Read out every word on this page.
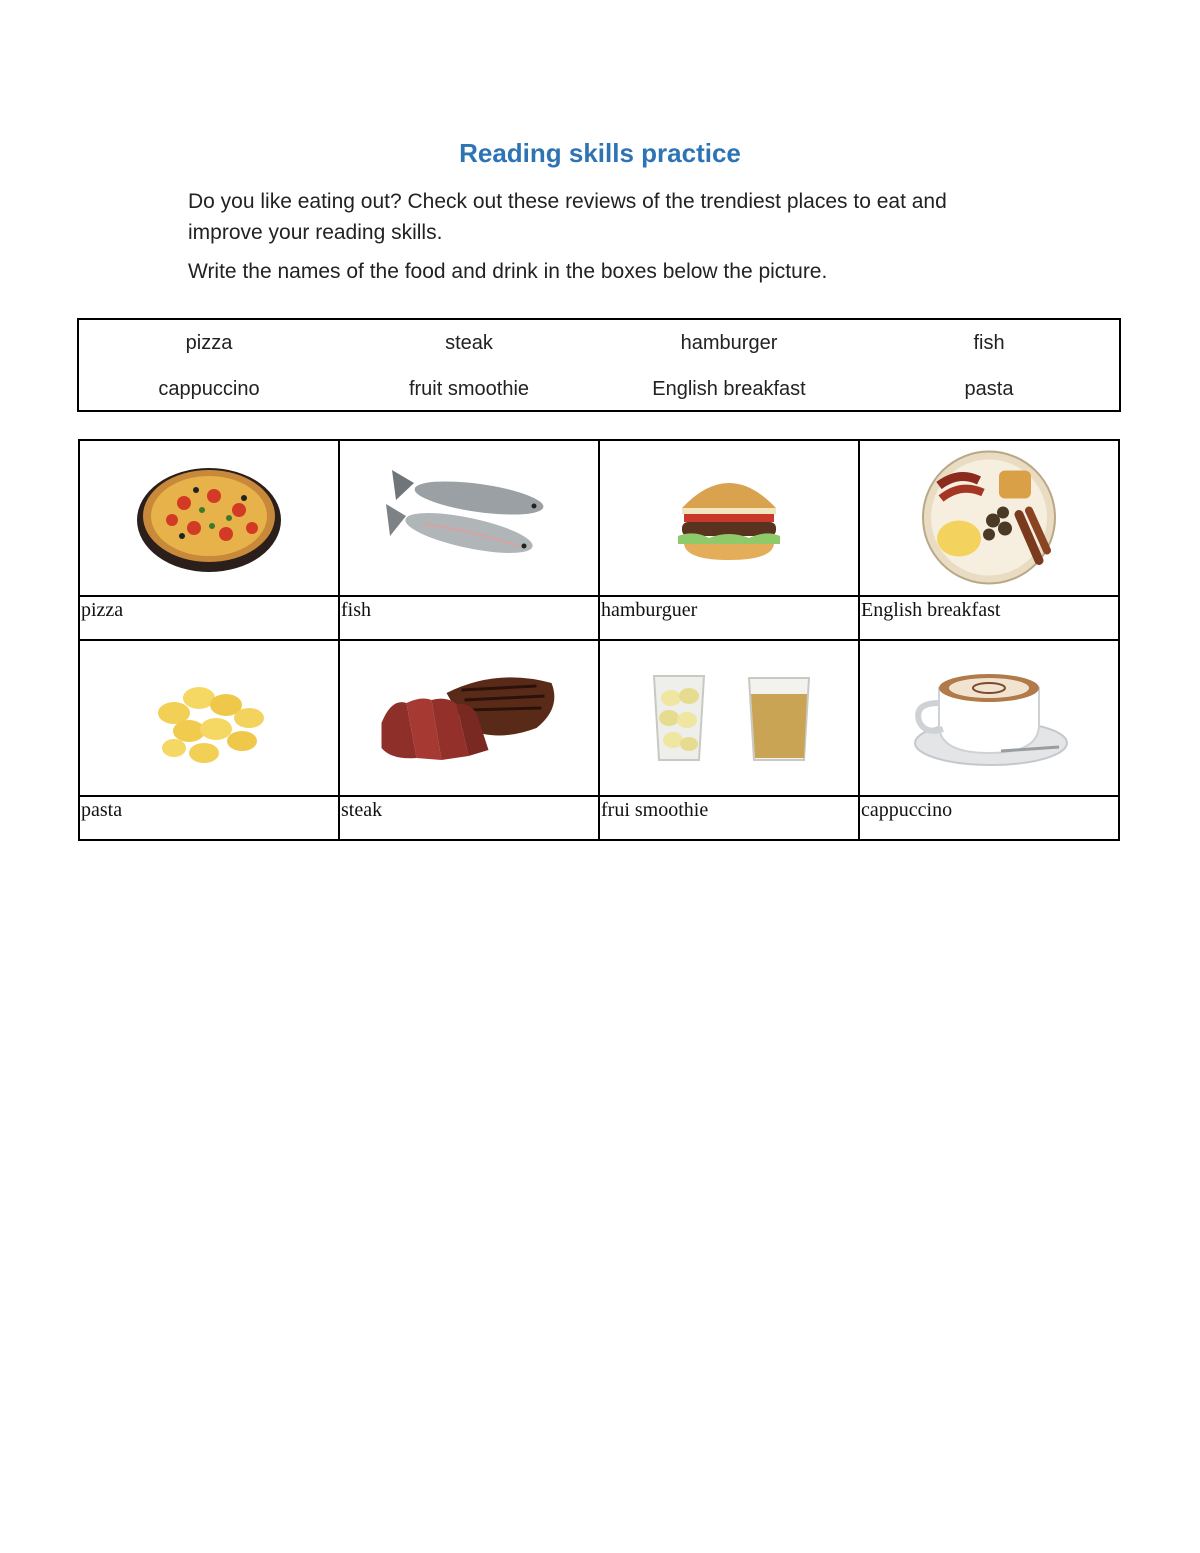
Reading skills practice

Do you like eating out? Check out these reviews of the trendiest places to eat and improve your reading skills.

Write the names of the food and drink in the boxes below the picture.

pizza	steak	hamburger	fish
cappuccino	fruit smoothie	English breakfast	pasta

pizza	fish	hamburguer	English breakfast

pasta	steak	frui smoothie	cappuccino
